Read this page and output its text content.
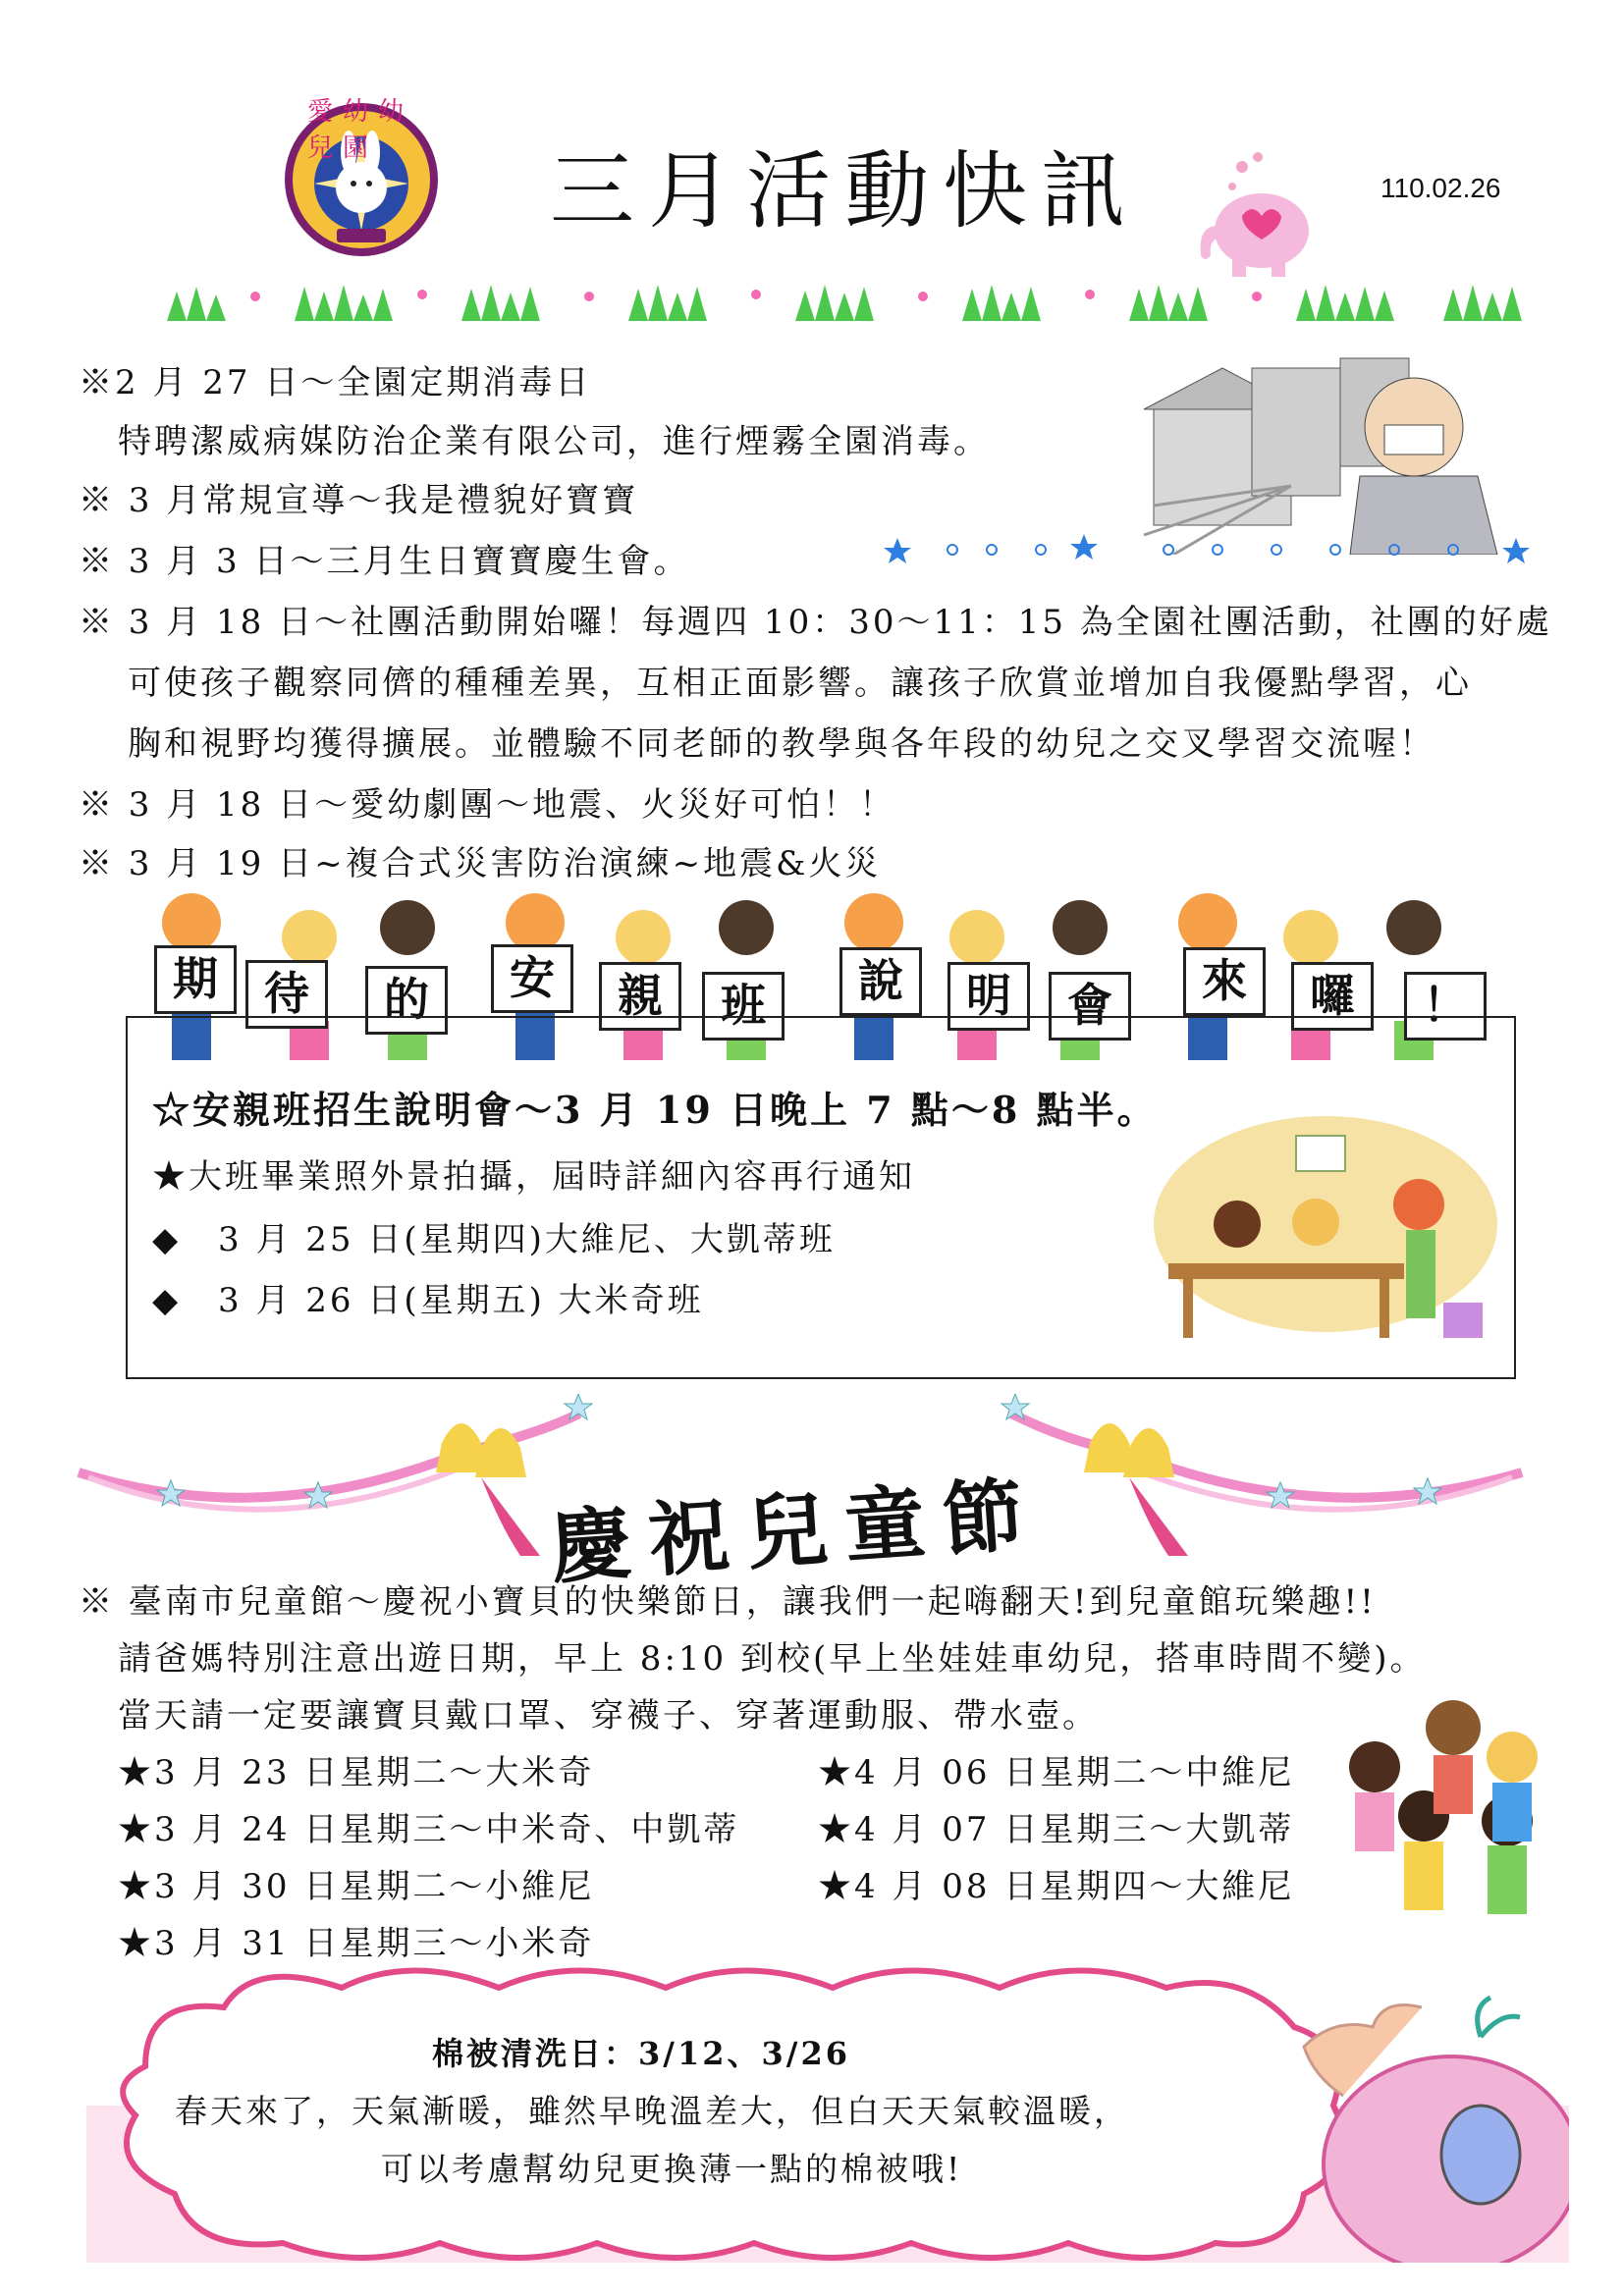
愛幼幼兒園	三月活動快訊	110.02.26
※2 月 27 日～全園定期消毒日
特聘潔威病媒防治企業有限公司，進行煙霧全園消毒。
※ 3 月常規宣導～我是禮貌好寶寶
※ 3 月 3 日～三月生日寶寶慶生會。
※ 3 月 18 日～社團活動開始囉！每週四 10：30～11：15 為全園社團活動，社團的好處
可使孩子觀察同儕的種種差異，互相正面影響。讓孩子欣賞並增加自我優點學習，心
胸和視野均獲得擴展。並體驗不同老師的教學與各年段的幼兒之交叉學習交流喔！
※ 3 月 18 日～愛幼劇團～地震、火災好可怕！！
※ 3 月 19 日~複合式災害防治演練~地震&火災
期	待	的	安	親	班	說	明	會	來	囉	！
☆安親班招生說明會～3 月 19 日晚上 7 點～8 點半。
★大班畢業照外景拍攝，屆時詳細內容再行通知
◆ 3 月 25 日(星期四)大維尼、大凱蒂班
◆ 3 月 26 日(星期五) 大米奇班
慶祝兒童節
※ 臺南市兒童館～慶祝小寶貝的快樂節日，讓我們一起嗨翻天!到兒童館玩樂趣!!
請爸媽特別注意出遊日期，早上 8:10 到校(早上坐娃娃車幼兒，搭車時間不變)。
當天請一定要讓寶貝戴口罩、穿襪子、穿著運動服、帶水壺。
★3 月 23 日星期二～大米奇
★3 月 24 日星期三～中米奇、中凱蒂
★3 月 30 日星期二～小維尼
★3 月 31 日星期三～小米奇
★4 月 06 日星期二～中維尼
★4 月 07 日星期三～大凱蒂
★4 月 08 日星期四～大維尼
棉被清洗日：3/12、3/26
春天來了，天氣漸暖，雖然早晚溫差大，但白天天氣較溫暖，
可以考慮幫幼兒更換薄一點的棉被哦!
